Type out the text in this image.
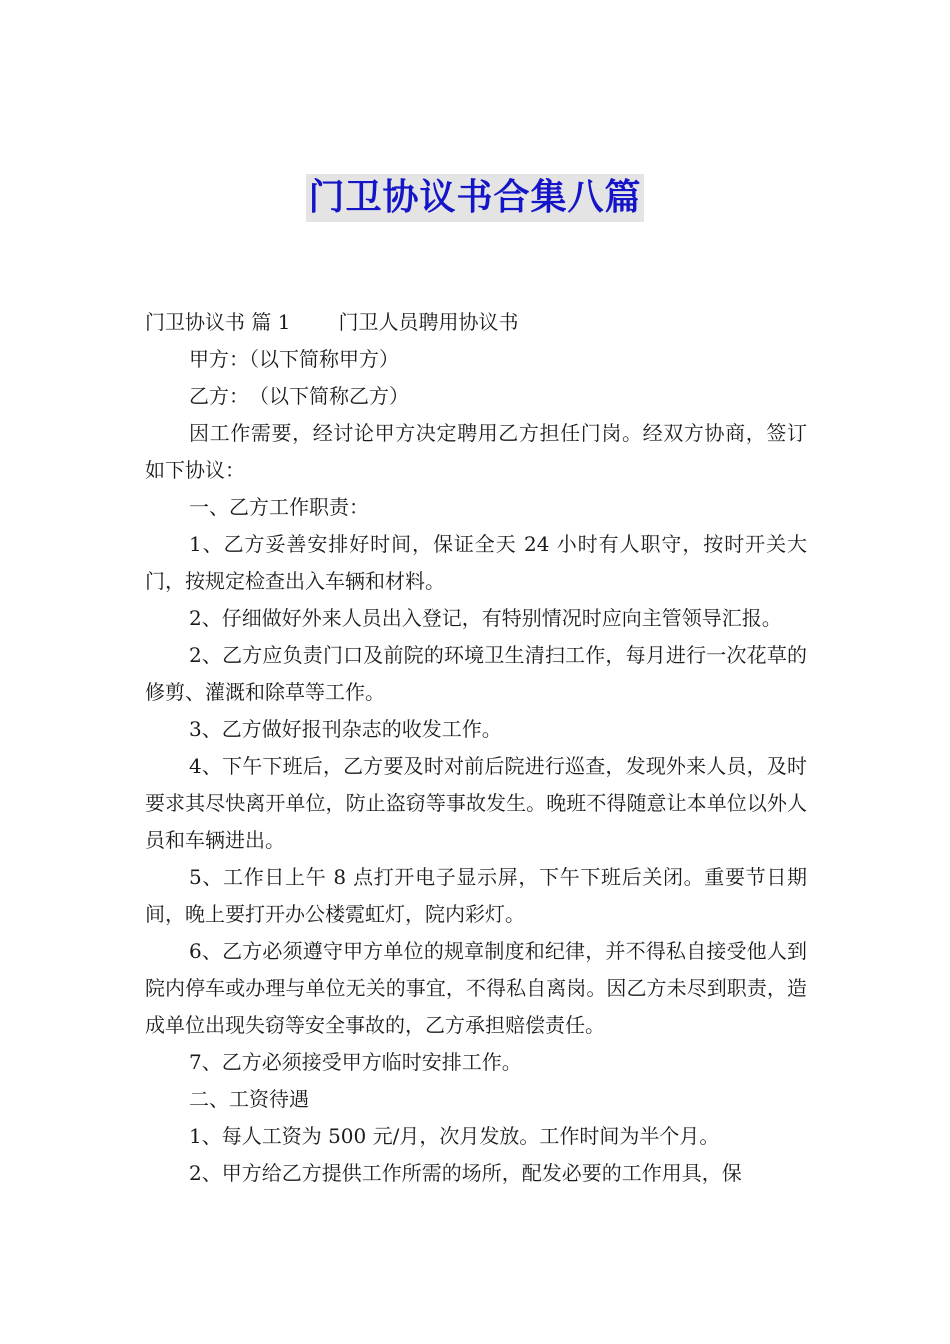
门卫协议书合集八篇

门卫协议书 篇 1 门卫人员聘用协议书

甲方：（以下简称甲方）

乙方：　（以下简称乙方）

因工作需要，经讨论甲方决定聘用乙方担任门岗。经双方协商，签订如下协议：

一、乙方工作职责：

1、乙方妥善安排好时间，保证全天 24 小时有人职守，按时开关大门，按规定检查出入车辆和材料。

2、仔细做好外来人员出入登记，有特别情况时应向主管领导汇报。

2、乙方应负责门口及前院的环境卫生清扫工作，每月进行一次花草的修剪、灌溉和除草等工作。

3、乙方做好报刊杂志的收发工作。

4、下午下班后，乙方要及时对前后院进行巡查，发现外来人员，及时要求其尽快离开单位，防止盗窃等事故发生。晚班不得随意让本单位以外人员和车辆进出。

5、工作日上午 8 点打开电子显示屏，下午下班后关闭。重要节日期间，晚上要打开办公楼霓虹灯，院内彩灯。

6、乙方必须遵守甲方单位的规章制度和纪律，并不得私自接受他人到院内停车或办理与单位无关的事宜，不得私自离岗。因乙方未尽到职责，造成单位出现失窃等安全事故的，乙方承担赔偿责任。

7、乙方必须接受甲方临时安排工作。

二、工资待遇

1、每人工资为 500 元/月，次月发放。工作时间为半个月。

2、甲方给乙方提供工作所需的场所，配发必要的工作用具，保
